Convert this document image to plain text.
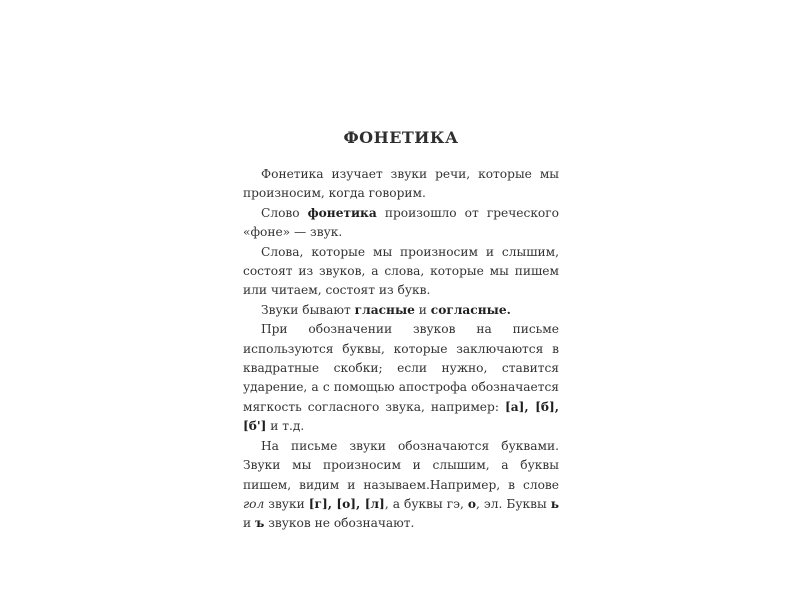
ФОНЕТИКА

Фонетика изучает звуки речи, которые мы произносим, когда говорим.

Слово фонетика произошло от греческого «фоне» — звук.

Слова, которые мы произносим и слышим, состоят из звуков, а слова, которые мы пишем или читаем, состоят из букв.

Звуки бывают гласные и согласные.

При обозначении звуков на письме используются буквы, которые заключаются в квадратные скобки; если нужно, ставится ударение, а с помощью апострофа обозначается мягкость согласного звука, например: [а], [б], [б'] и т.д.

На письме звуки обозначаются буквами. Звуки мы произносим и слышим, а буквы пишем, видим и называем.Например, в слове гол звуки [г], [о], [л], а буквы гэ, о, эл. Буквы ь и ъ звуков не обозначают.
